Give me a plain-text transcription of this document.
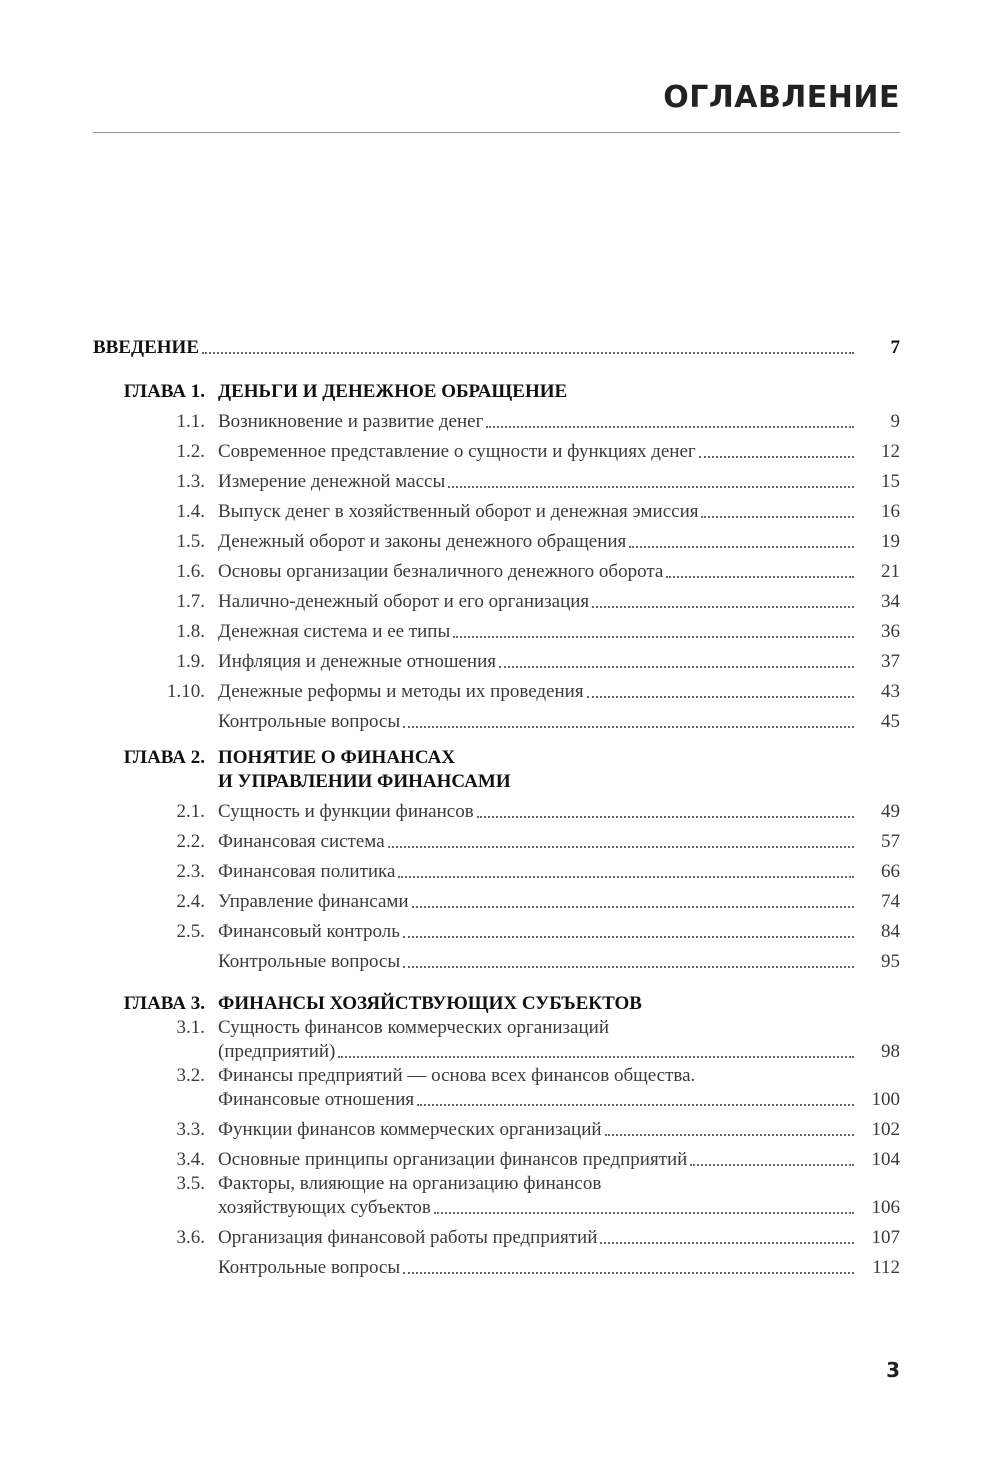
ОГЛАВЛЕНИЕ
ВВЕДЕНИЕ	7
ГЛАВА 1. ДЕНЬГИ И ДЕНЕЖНОЕ ОБРАЩЕНИЕ
1.1. Возникновение и развитие денег	9
1.2. Современное представление о сущности и функциях денег	12
1.3. Измерение денежной массы	15
1.4. Выпуск денег в хозяйственный оборот и денежная эмиссия	16
1.5. Денежный оборот и законы денежного обращения	19
1.6. Основы организации безналичного денежного оборота	21
1.7. Налично-денежный оборот и его организация	34
1.8. Денежная система и ее типы	36
1.9. Инфляция и денежные отношения	37
1.10. Денежные реформы и методы их проведения	43
Контрольные вопросы	45
ГЛАВА 2. ПОНЯТИЕ О ФИНАНСАХ
И УПРАВЛЕНИИ ФИНАНСАМИ
2.1. Сущность и функции финансов	49
2.2. Финансовая система	57
2.3. Финансовая политика	66
2.4. Управление финансами	74
2.5. Финансовый контроль	84
Контрольные вопросы	95
ГЛАВА 3. ФИНАНСЫ ХОЗЯЙСТВУЮЩИХ СУБЪЕКТОВ
3.1. Сущность финансов коммерческих организаций
(предприятий)	98
3.2. Финансы предприятий — основа всех финансов общества.
Финансовые отношения	100
3.3. Функции финансов коммерческих организаций	102
3.4. Основные принципы организации финансов предприятий	104
3.5. Факторы, влияющие на организацию финансов
хозяйствующих субъектов	106
3.6. Организация финансовой работы предприятий	107
Контрольные вопросы	112
3
